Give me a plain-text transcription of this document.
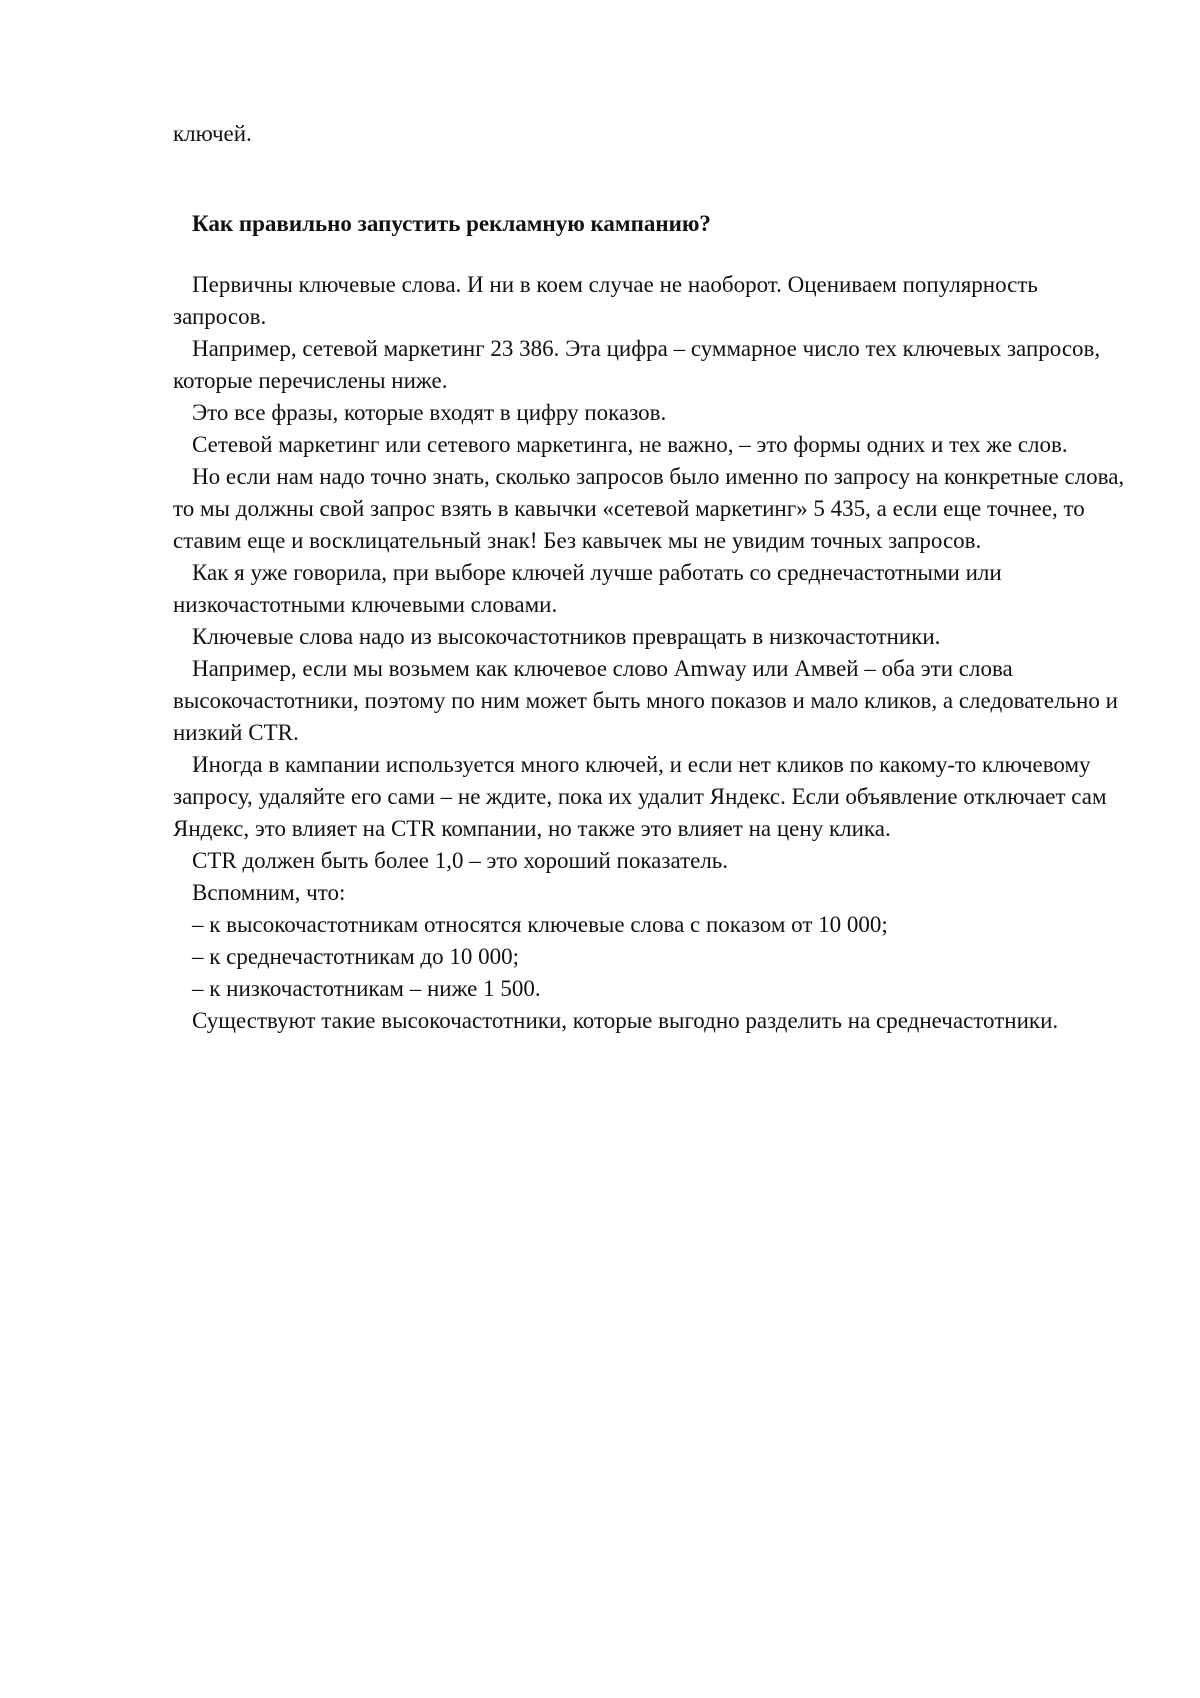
ключей.
Как правильно запустить рекламную кампанию?

Первичны ключевые слова. И ни в коем случае не наоборот. Оцениваем популярность запросов.

Например, сетевой маркетинг 23 386. Эта цифра – суммарное число тех ключевых запросов, которые перечислены ниже.

Это все фразы, которые входят в цифру показов.

Сетевой маркетинг или сетевого маркетинга, не важно, – это формы одних и тех же слов.

Но если нам надо точно знать, сколько запросов было именно по запросу на конкретные слова, то мы должны свой запрос взять в кавычки «сетевой маркетинг» 5 435, а если еще точнее, то ставим еще и восклицательный знак! Без кавычек мы не увидим точных запросов.

Как я уже говорила, при выборе ключей лучше работать со среднечастотными или низкочастотными ключевыми словами.

Ключевые слова надо из высокочастотников превращать в низкочастотники.

Например, если мы возьмем как ключевое слово Amway или Амвей – оба эти слова высокочастотники, поэтому по ним может быть много показов и мало кликов, а следовательно и низкий CTR.

Иногда в кампании используется много ключей, и если нет кликов по какому-то ключевому запросу, удаляйте его сами – не ждите, пока их удалит Яндекс. Если объявление отключает сам Яндекс, это влияет на CTR компании, но также это влияет на цену клика.

CTR должен быть более 1,0 – это хороший показатель.

Вспомним, что:

– к высокочастотникам относятся ключевые слова с показом от 10 000;

– к среднечастотникам до 10 000;

– к низкочастотникам – ниже 1 500.

Существуют такие высокочастотники, которые выгодно разделить на среднечастотники.
